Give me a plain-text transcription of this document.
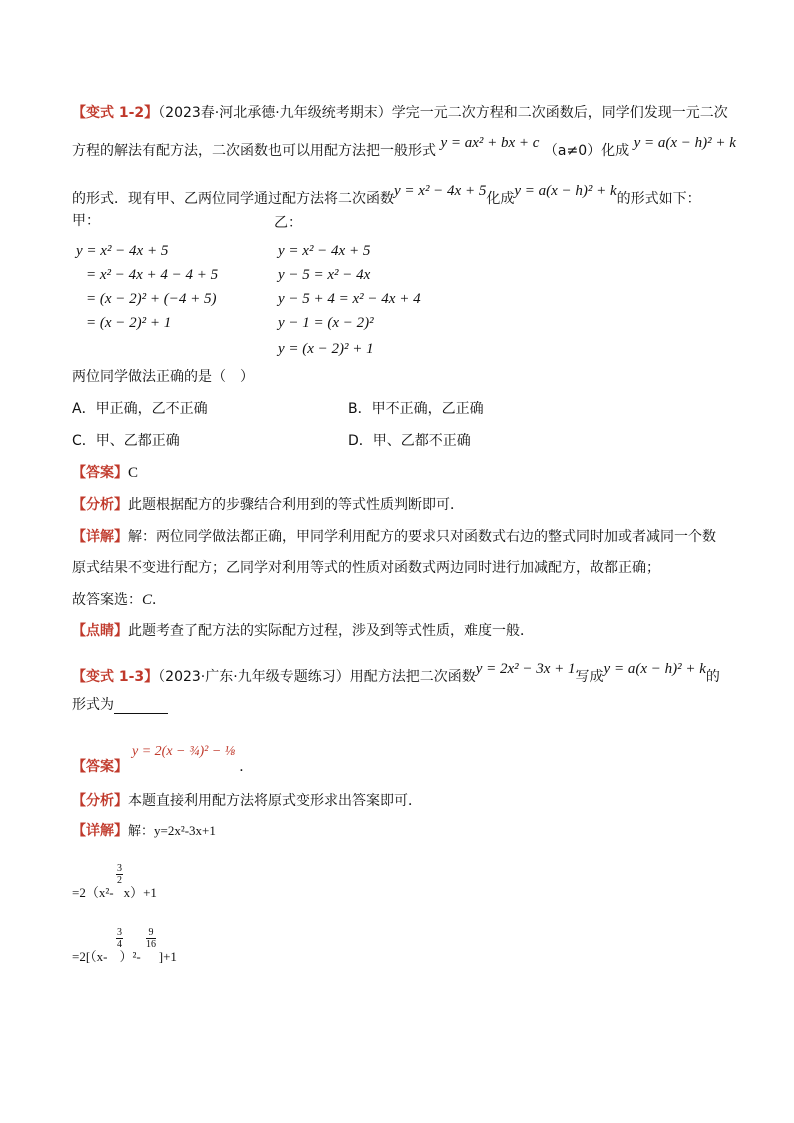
【变式 1-2】（2023春·河北承德·九年级统考期末）学完一元二次方程和二次函数后，同学们发现一元二次
方程的解法有配方法，二次函数也可以用配方法把一般形式 y = ax² + bx + c （a≠0）化成 y = a(x − h)² + k
的形式．现有甲、乙两位同学通过配方法将二次函数y = x² − 4x + 5化成y = a(x − h)² + k的形式如下：
甲：	乙：
y = x² − 4x + 5
= x² − 4x + 4 − 4 + 5
= (x − 2)² + (−4 + 5)
= (x − 2)² + 1
y = x² − 4x + 5
y − 5 = x² − 4x
y − 5 + 4 = x² − 4x + 4
y − 1 = (x − 2)²
y = (x − 2)² + 1
两位同学做法正确的是（　）
A．甲正确，乙不正确	B．甲不正确，乙正确
C．甲、乙都正确	D．甲、乙都不正确
【答案】C
【分析】此题根据配方的步骤结合利用到的等式性质判断即可．
【详解】解：两位同学做法都正确，甲同学利用配方的要求只对函数式右边的整式同时加或者减同一个数
原式结果不变进行配方；乙同学对利用等式的性质对函数式两边同时进行加减配方，故都正确；
故答案选：C．
【点睛】此题考查了配方法的实际配方过程，涉及到等式性质，难度一般．
【变式 1-3】（2023·广东·九年级专题练习）用配方法把二次函数y = 2x² − 3x + 1写成y = a(x − h)² + k的
形式为
【答案】y = 2(x − ¾)² − ⅛．
【分析】本题直接利用配方法将原式变形求出答案即可．
【详解】解：y=2x²-3x+1
=2（x²- x）+1
$\frac{3}{2}$
=2[（x- ）²- ]+1
$\frac{3}{4} \frac{9}{16}$
